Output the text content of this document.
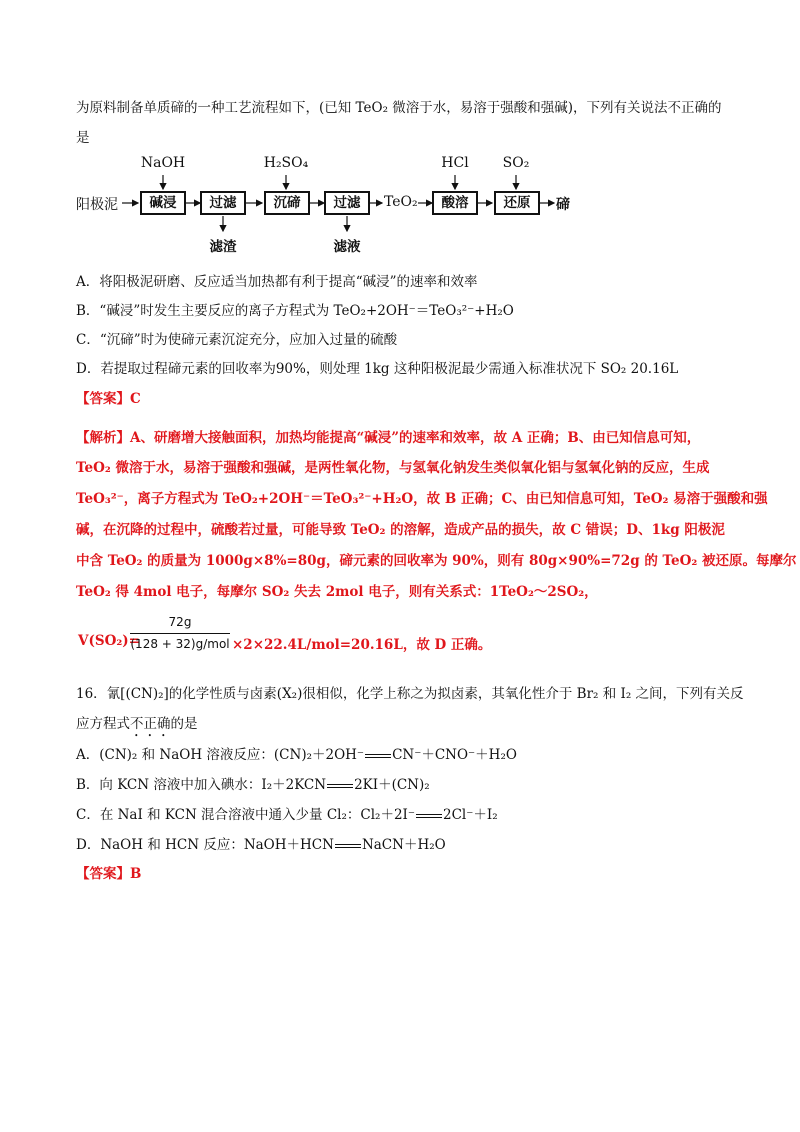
为原料制备单质碲的一种工艺流程如下，(已知 TeO₂ 微溶于水，易溶于强酸和强碱)，下列有关说法不正确的
是
NaOH	H₂SO₄	HCl	SO₂
阳极泥	碱浸	过滤	沉碲	过滤	TeO₂	酸溶	还原	碲
滤渣	滤液
A．将阳极泥研磨、反应适当加热都有利于提高“碱浸”的速率和效率
B．“碱浸”时发生主要反应的离子方程式为 TeO₂+2OH⁻＝TeO₃²⁻+H₂O
C．“沉碲”时为使碲元素沉淀充分，应加入过量的硫酸
D．若提取过程碲元素的回收率为90%，则处理 1kg 这种阳极泥最少需通入标准状况下 SO₂ 20.16L
【答案】C
【解析】A、研磨增大接触面积，加热均能提高“碱浸”的速率和效率，故 A 正确；B、由已知信息可知，
TeO₂ 微溶于水，易溶于强酸和强碱，是两性氧化物，与氢氧化钠发生类似氧化铝与氢氧化钠的反应，生成
TeO₃²⁻，离子方程式为 TeO₂+2OH⁻＝TeO₃²⁻+H₂O，故 B 正确；C、由已知信息可知，TeO₂ 易溶于强酸和强
碱，在沉降的过程中，硫酸若过量，可能导致 TeO₂ 的溶解，造成产品的损失，故 C 错误；D、1kg 阳极泥
中含 TeO₂ 的质量为 1000g×8%=80g，碲元素的回收率为 90%，则有 80g×90%=72g 的 TeO₂ 被还原。每摩尔
TeO₂ 得 4mol 电子，每摩尔 SO₂ 失去 2mol 电子，则有关系式：1TeO₂～2SO₂，
V(SO₂)=
72g
(128 + 32)g/mol ×2×22.4L/mol=20.16L，故 D 正确。
16．氰[(CN)₂]的化学性质与卤素(X₂)很相似，化学上称之为拟卤素，其氧化性介于 Br₂ 和 I₂ 之间，下列有关反
应方程式不正确的是
A．(CN)₂ 和 NaOH 溶液反应：(CN)₂＋2OH⁻ CN⁻＋CNO⁻＋H₂O
B．向 KCN 溶液中加入碘水：I₂＋2KCN 2KI＋(CN)₂
C．在 NaI 和 KCN 混合溶液中通入少量 Cl₂：Cl₂＋2I⁻ 2Cl⁻＋I₂
D．NaOH 和 HCN 反应：NaOH＋HCN NaCN＋H₂O
【答案】B
